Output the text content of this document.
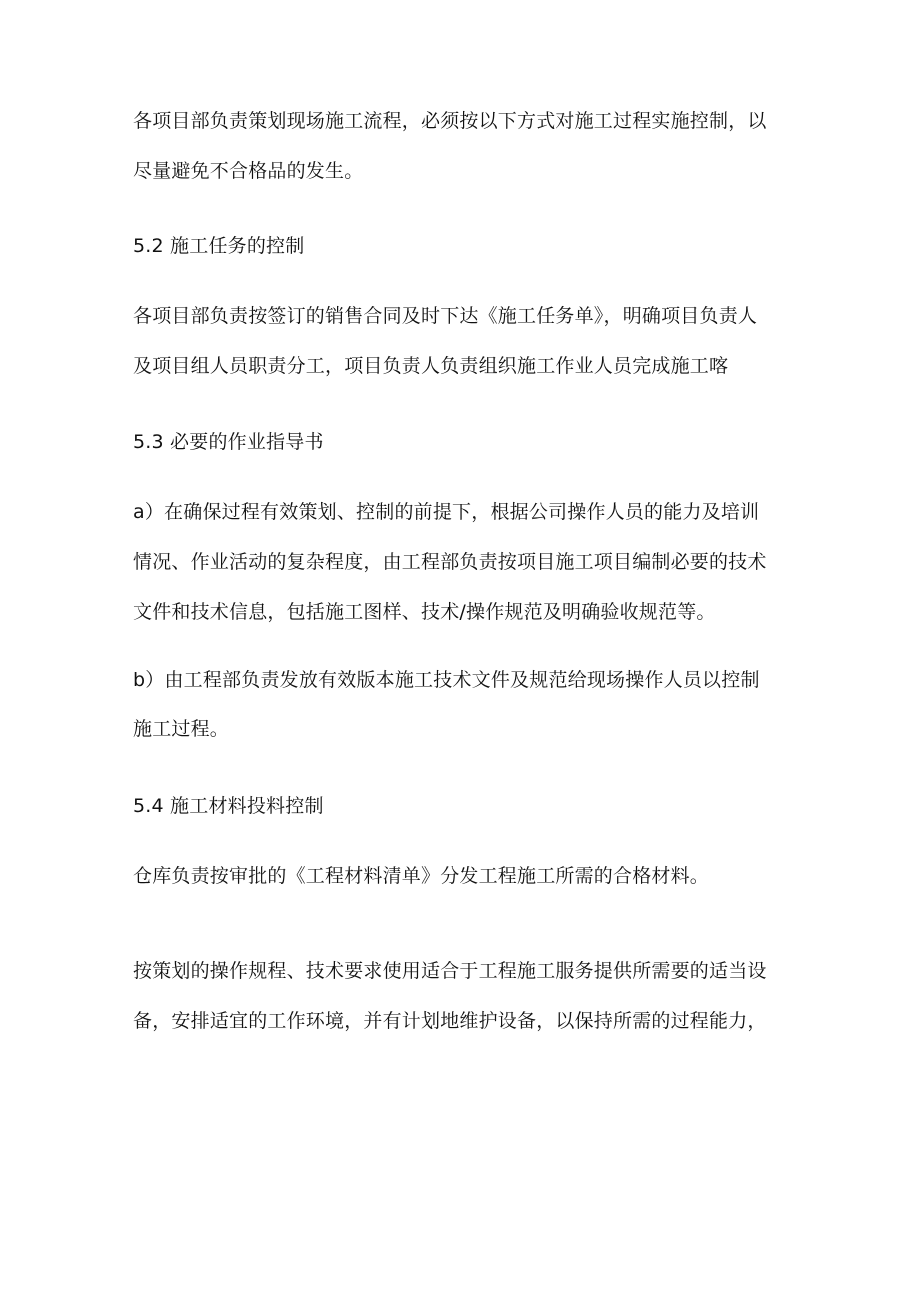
各项目部负责策划现场施工流程，必须按以下方式对施工过程实施控制，以
尽量避免不合格品的发生。
5.2 施工任务的控制
各项目部负责按签订的销售合同及时下达《施工任务单》，明确项目负责人
及项目组人员职责分工，项目负责人负责组织施工作业人员完成施工喀
5.3 必要的作业指导书
a）在确保过程有效策划、控制的前提下，根据公司操作人员的能力及培训
情况、作业活动的复杂程度，由工程部负责按项目施工项目编制必要的技术
文件和技术信息，包括施工图样、技术/操作规范及明确验收规范等。
b）由工程部负责发放有效版本施工技术文件及规范给现场操作人员以控制
施工过程。
5.4 施工材料投料控制
仓库负责按审批的《工程材料清单》分发工程施工所需的合格材料。
按策划的操作规程、技术要求使用适合于工程施工服务提供所需要的适当设
备，安排适宜的工作环境，并有计划地维护设备，以保持所需的过程能力，
